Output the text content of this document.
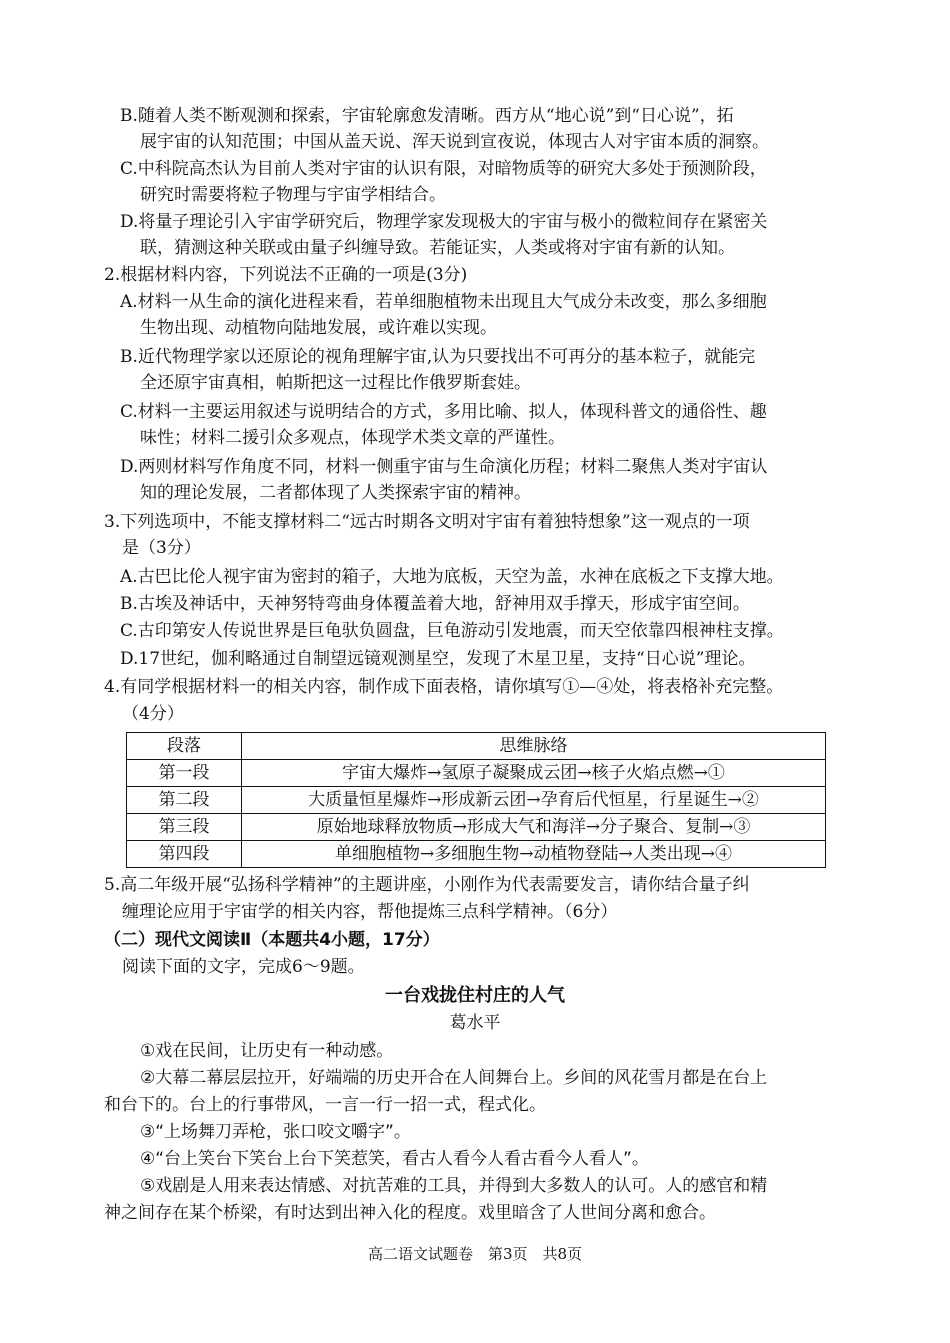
B.随着人类不断观测和探索，宇宙轮廓愈发清晰。西方从“地心说”到“日心说”，拓
展宇宙的认知范围；中国从盖天说、浑天说到宣夜说，体现古人对宇宙本质的洞察。
C.中科院高杰认为目前人类对宇宙的认识有限，对暗物质等的研究大多处于预测阶段，
研究时需要将粒子物理与宇宙学相结合。
D.将量子理论引入宇宙学研究后，物理学家发现极大的宇宙与极小的微粒间存在紧密关
联，猜测这种关联或由量子纠缠导致。若能证实，人类或将对宇宙有新的认知。
2.根据材料内容，下列说法不正确的一项是(3分)
A.材料一从生命的演化进程来看，若单细胞植物未出现且大气成分未改变，那么多细胞
生物出现、动植物向陆地发展，或许难以实现。
B.近代物理学家以还原论的视角理解宇宙,认为只要找出不可再分的基本粒子，就能完
全还原宇宙真相，帕斯把这一过程比作俄罗斯套娃。
C.材料一主要运用叙述与说明结合的方式，多用比喻、拟人，体现科普文的通俗性、趣
味性；材料二援引众多观点，体现学术类文章的严谨性。
D.两则材料写作角度不同，材料一侧重宇宙与生命演化历程；材料二聚焦人类对宇宙认
知的理论发展，二者都体现了人类探索宇宙的精神。
3.下列选项中，不能支撑材料二“远古时期各文明对宇宙有着独特想象”这一观点的一项
是（3分）
A.古巴比伦人视宇宙为密封的箱子，大地为底板，天空为盖，水神在底板之下支撑大地。
B.古埃及神话中，天神努特弯曲身体覆盖着大地，舒神用双手撑天，形成宇宙空间。
C.古印第安人传说世界是巨龟驮负圆盘，巨龟游动引发地震，而天空依靠四根神柱支撑。
D.17世纪，伽利略通过自制望远镜观测星空，发现了木星卫星，支持“日心说”理论。
4.有同学根据材料一的相关内容，制作成下面表格，请你填写①—④处，将表格补充完整。
（4分）
段落	思维脉络
第一段	宇宙大爆炸→氢原子凝聚成云团→核子火焰点燃→①
第二段	大质量恒星爆炸→形成新云团→孕育后代恒星，行星诞生→②
第三段	原始地球释放物质→形成大气和海洋→分子聚合、复制→③
第四段	单细胞植物→多细胞生物→动植物登陆→人类出现→④
5.高二年级开展“弘扬科学精神”的主题讲座，小刚作为代表需要发言，请你结合量子纠
缠理论应用于宇宙学的相关内容，帮他提炼三点科学精神。（6分）
（二）现代文阅读Ⅱ（本题共4小题，17分）
阅读下面的文字，完成6～9题。
一台戏拢住村庄的人气
葛水平
①戏在民间，让历史有一种动感。
②大幕二幕层层拉开，好端端的历史开合在人间舞台上。乡间的风花雪月都是在台上
和台下的。台上的行事带风，一言一行一招一式，程式化。
③“上场舞刀弄枪，张口咬文嚼字”。
④“台上笑台下笑台上台下笑惹笑，看古人看今人看古看今人看人”。
⑤戏剧是人用来表达情感、对抗苦难的工具，并得到大多数人的认可。人的感官和精
神之间存在某个桥梁，有时达到出神入化的程度。戏里暗含了人世间分离和愈合。
高二语文试题卷　第3页　共8页
